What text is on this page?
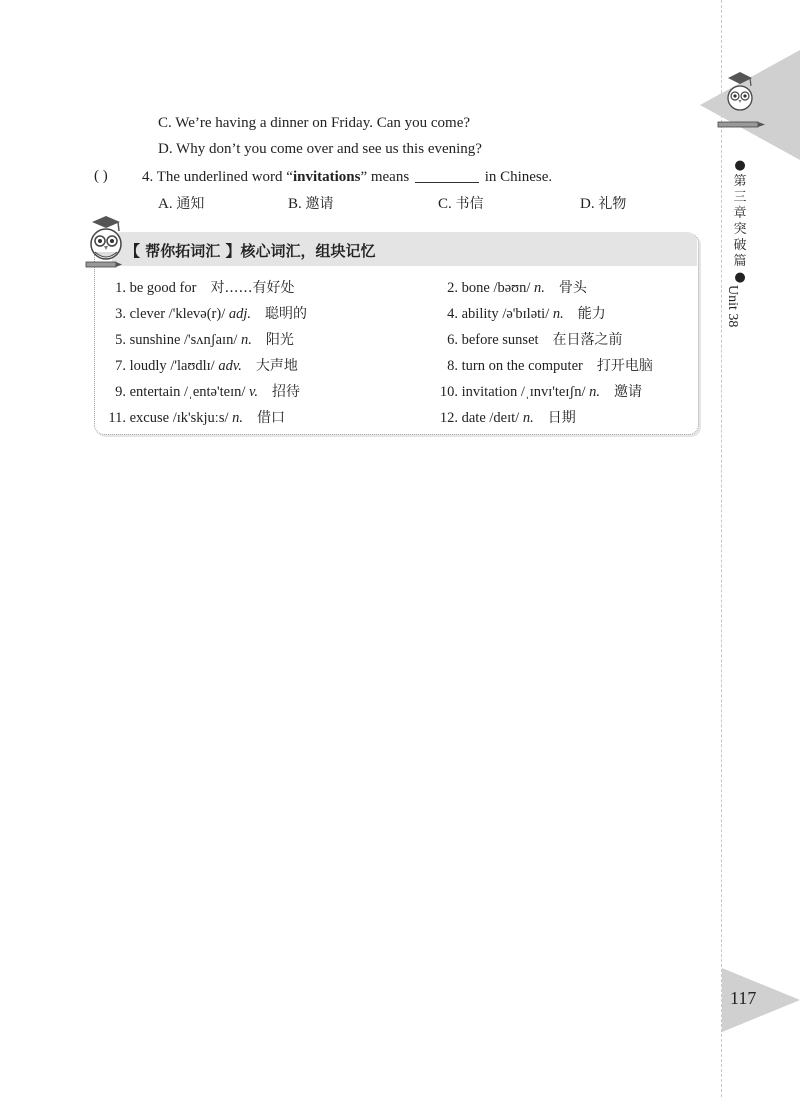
C. We’re having a dinner on Friday. Can you come?
D. Why don’t you come over and see us this evening?
( ) 4. The underlined word “invitations” means	in Chinese.
A. 通知	B. 邀请	C. 书信	D. 礼物
【 帮你拓词汇 】核心词汇，组块记忆
1. be good for 对……有好处	2. bone /bəʊn/ n. 骨头
3. clever /'klevə(r)/ adj. 聪明的	4. ability /ə'bɪləti/ n. 能力
5. sunshine /'sʌnʃaɪn/ n. 阳光	6. before sunset 在日落之前
7. loudly /'laʊdlɪ/ adv. 大声地	8. turn on the computer 打开电脑
9. entertain /ˌentə'teɪn/ v. 招待	10. invitation /ˌɪnvɪ'teɪʃn/ n. 邀请
11. excuse /ɪk'skjuːs/ n. 借口	12. date /deɪt/ n. 日期
●第三章 突破篇●
Unit 38
117
